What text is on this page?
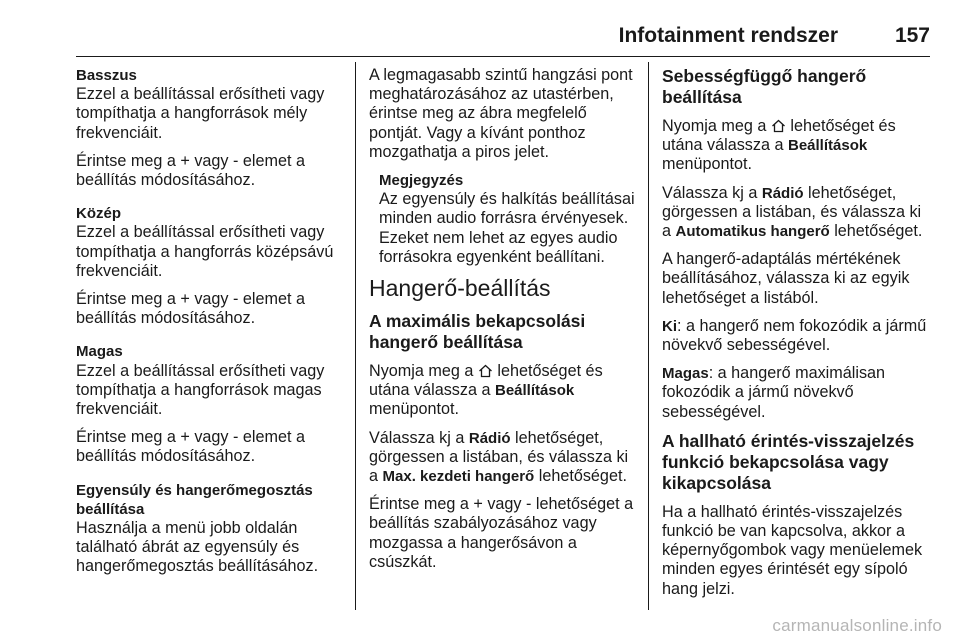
Infotainment rendszer	157
Basszus

Ezzel a beállítással erősítheti vagy tompíthatja a hangforrások mély frekvenciáit.

Érintse meg a + vagy - elemet a beállítás módosításához.

Közép

Ezzel a beállítással erősítheti vagy tompíthatja a hangforrás középsávú frekvenciáit.

Érintse meg a + vagy - elemet a beállítás módosításához.

Magas

Ezzel a beállítással erősítheti vagy tompíthatja a hangforrások magas frekvenciáit.

Érintse meg a + vagy - elemet a beállítás módosításához.

Egyensúly és hangerőmegosztás beállítása

Használja a menü jobb oldalán található ábrát az egyensúly és hangerőmegosztás beállításához.

A legmagasabb szintű hangzási pont meghatározásához az utastérben, érintse meg az ábra megfelelő pontját. Vagy a kívánt ponthoz mozgathatja a piros jelet.

Megjegyzés
Az egyensúly és halkítás beállításai minden audio forrásra érvényesek. Ezeket nem lehet az egyes audio forrásokra egyenként beállítani.
Hangerő-beállítás
A maximális bekapcsolási hangerő beállítása

Nyomja meg a lehetőséget és utána válassza a Beállítások menüpontot.

Válassza kj a Rádió lehetőséget, görgessen a listában, és válassza ki a Max. kezdeti hangerő lehetőséget.

Érintse meg a + vagy - lehetőséget a beállítás szabályozásához vagy mozgassa a hangerősávon a csúszkát.

Sebességfüggő hangerő beállítása

Nyomja meg a lehetőséget és utána válassza a Beállítások menüpontot.

Válassza kj a Rádió lehetőséget, görgessen a listában, és válassza ki a Automatikus hangerő lehetőséget.

A hangerő-adaptálás mértékének beállításához, válassza ki az egyik lehetőséget a listából.

Ki: a hangerő nem fokozódik a jármű növekvő sebességével.

Magas: a hangerő maximálisan fokozódik a jármű növekvő sebességével.

A hallható érintés-visszajelzés funkció bekapcsolása vagy kikapcsolása

Ha a hallható érintés-visszajelzés funkció be van kapcsolva, akkor a képernyőgombok vagy menüelemek minden egyes érintését egy sípoló hang jelzi.

carmanualsonline.info
